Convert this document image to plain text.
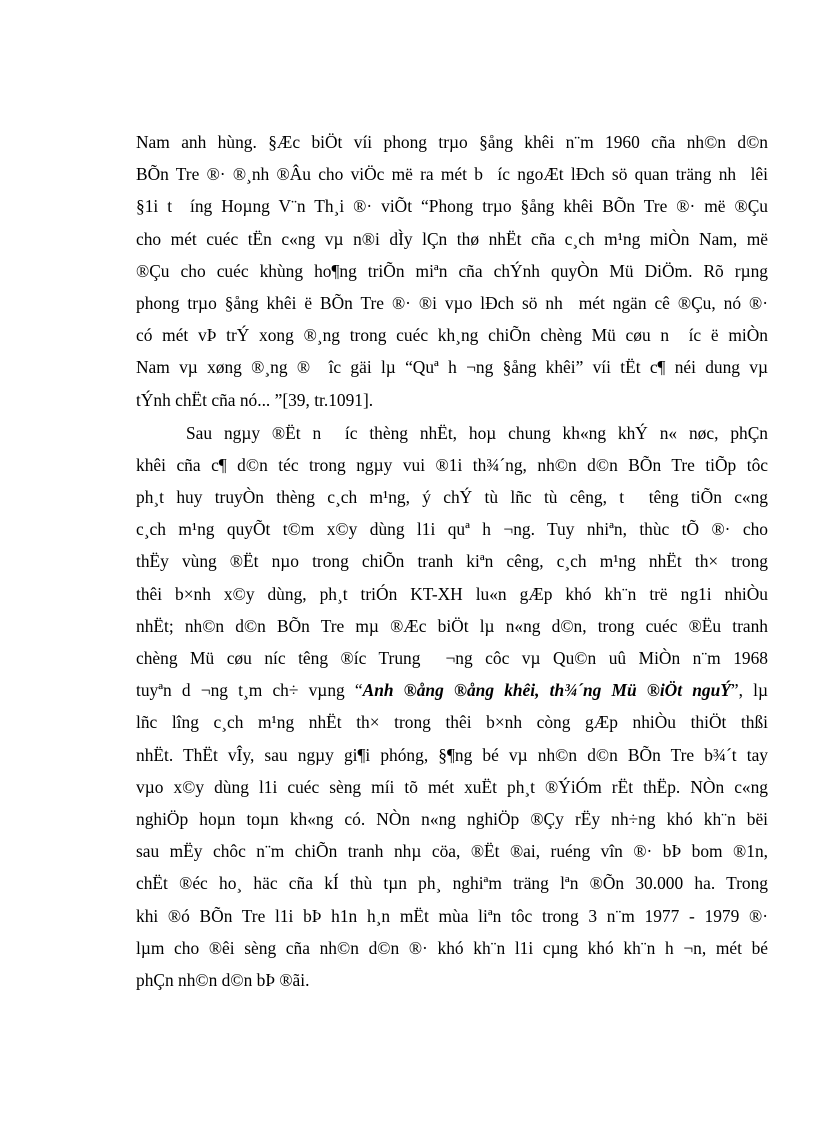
Nam anh hùng. §Æc biÖt víi phong trµo §ång khêi n¨m 1960 cña nh©n d©n
BÕn Tre ®· ®¸nh ®Âu cho viÖc më ra mét b  íc ngoÆt lÐch sö quan träng nh  lêi
§1i t  íng Hoµng V¨n Th¸i ®· viÕt “Phong trµo §ång khêi BÕn Tre ®· më ®Çu
cho mét cuéc tËn c«ng vµ n®i dÌy lÇn thø nhËt cña c¸ch m¹ng miÒn Nam, më
®Çu cho cuéc khùng ho¶ng triÕn miªn cña chÝnh quyÒn Mü DiÖm. Rõ rµng
phong trµo §ång khêi ë BÕn Tre ®· ®i vµo lÐch sö nh  mét ngän cê ®Çu, nó ®·
có mét vÞ trÝ xong ®¸ng trong cuéc kh¸ng chiÕn chèng Mü cøu n  íc ë miÒn
Nam vµ xøng ®¸ng ®  îc gäi lµ “Quª h ¬ng §ång khêi” víi tËt c¶ néi dung vµ
tÝnh chËt cña nó... ”[39, tr.1091].
Sau ngµy ®Ët n  íc thèng nhËt, hoµ chung kh«ng khÝ n« nøc, phÇn
khêi cña c¶ d©n téc trong ngµy vui ®1i th¾´ng, nh©n d©n BÕn Tre tiÕp tôc
ph¸t huy truyÒn thèng c¸ch m¹ng, ý chÝ tù lñc tù cêng, t  têng tiÕn c«ng
c¸ch m¹ng quyÕt t©m x©y dùng l1i quª h ¬ng. Tuy nhiªn, thùc tÕ ®· cho
thËy vùng ®Ët nµo trong chiÕn tranh kiªn cêng, c¸ch m¹ng nhËt th× trong
thêi b×nh x©y dùng, ph¸t triÓn KT-XH lu«n gÆp khó kh¨n trë ng1i nhiÒu
nhËt; nh©n d©n BÕn Tre mµ ®Æc biÖt lµ n«ng d©n, trong cuéc ®Ëu tranh
chèng Mü cøu níc têng ®íc Trung  ¬ng côc vµ Qu©n uû MiÒn n¨m 1968
tuyªn d ¬ng t¸m ch÷ vµng “Anh ®ång ®ång khêi, th¾´ng Mü ®iÖt nguÝ”, lµ
lñc lîng c¸ch m¹ng nhËt th× trong thêi b×nh còng gÆp nhiÒu thiÖt thßi
nhËt. ThËt vÎy, sau ngµy gi¶i phóng, §¶ng bé vµ nh©n d©n BÕn Tre b¾´t tay
vµo x©y dùng l1i cuéc sèng míi tõ mét xuËt ph¸t ®ÝiÓm rËt thËp. NÒn c«ng
nghiÖp hoµn toµn kh«ng có. NÒn n«ng nghiÖp ®Çy rËy nh÷ng khó kh¨n bëi
sau mËy chôc n¨m chiÕn tranh nhµ cöa, ®Ët ®ai, ruéng vîn ®· bÞ bom ®1n,
chËt ®éc ho¸ häc cña kÍ thù tµn ph¸ nghiªm träng lªn ®Õn 30.000 ha. Trong
khi ®ó BÕn Tre l1i bÞ h1n h¸n mËt mùa liªn tôc trong 3 n¨m 1977 - 1979 ®·
lµm cho ®êi sèng cña nh©n d©n ®· khó kh¨n l1i cµng khó kh¨n h ¬n, mét bé
phÇn nh©n d©n bÞ ®ãi.
